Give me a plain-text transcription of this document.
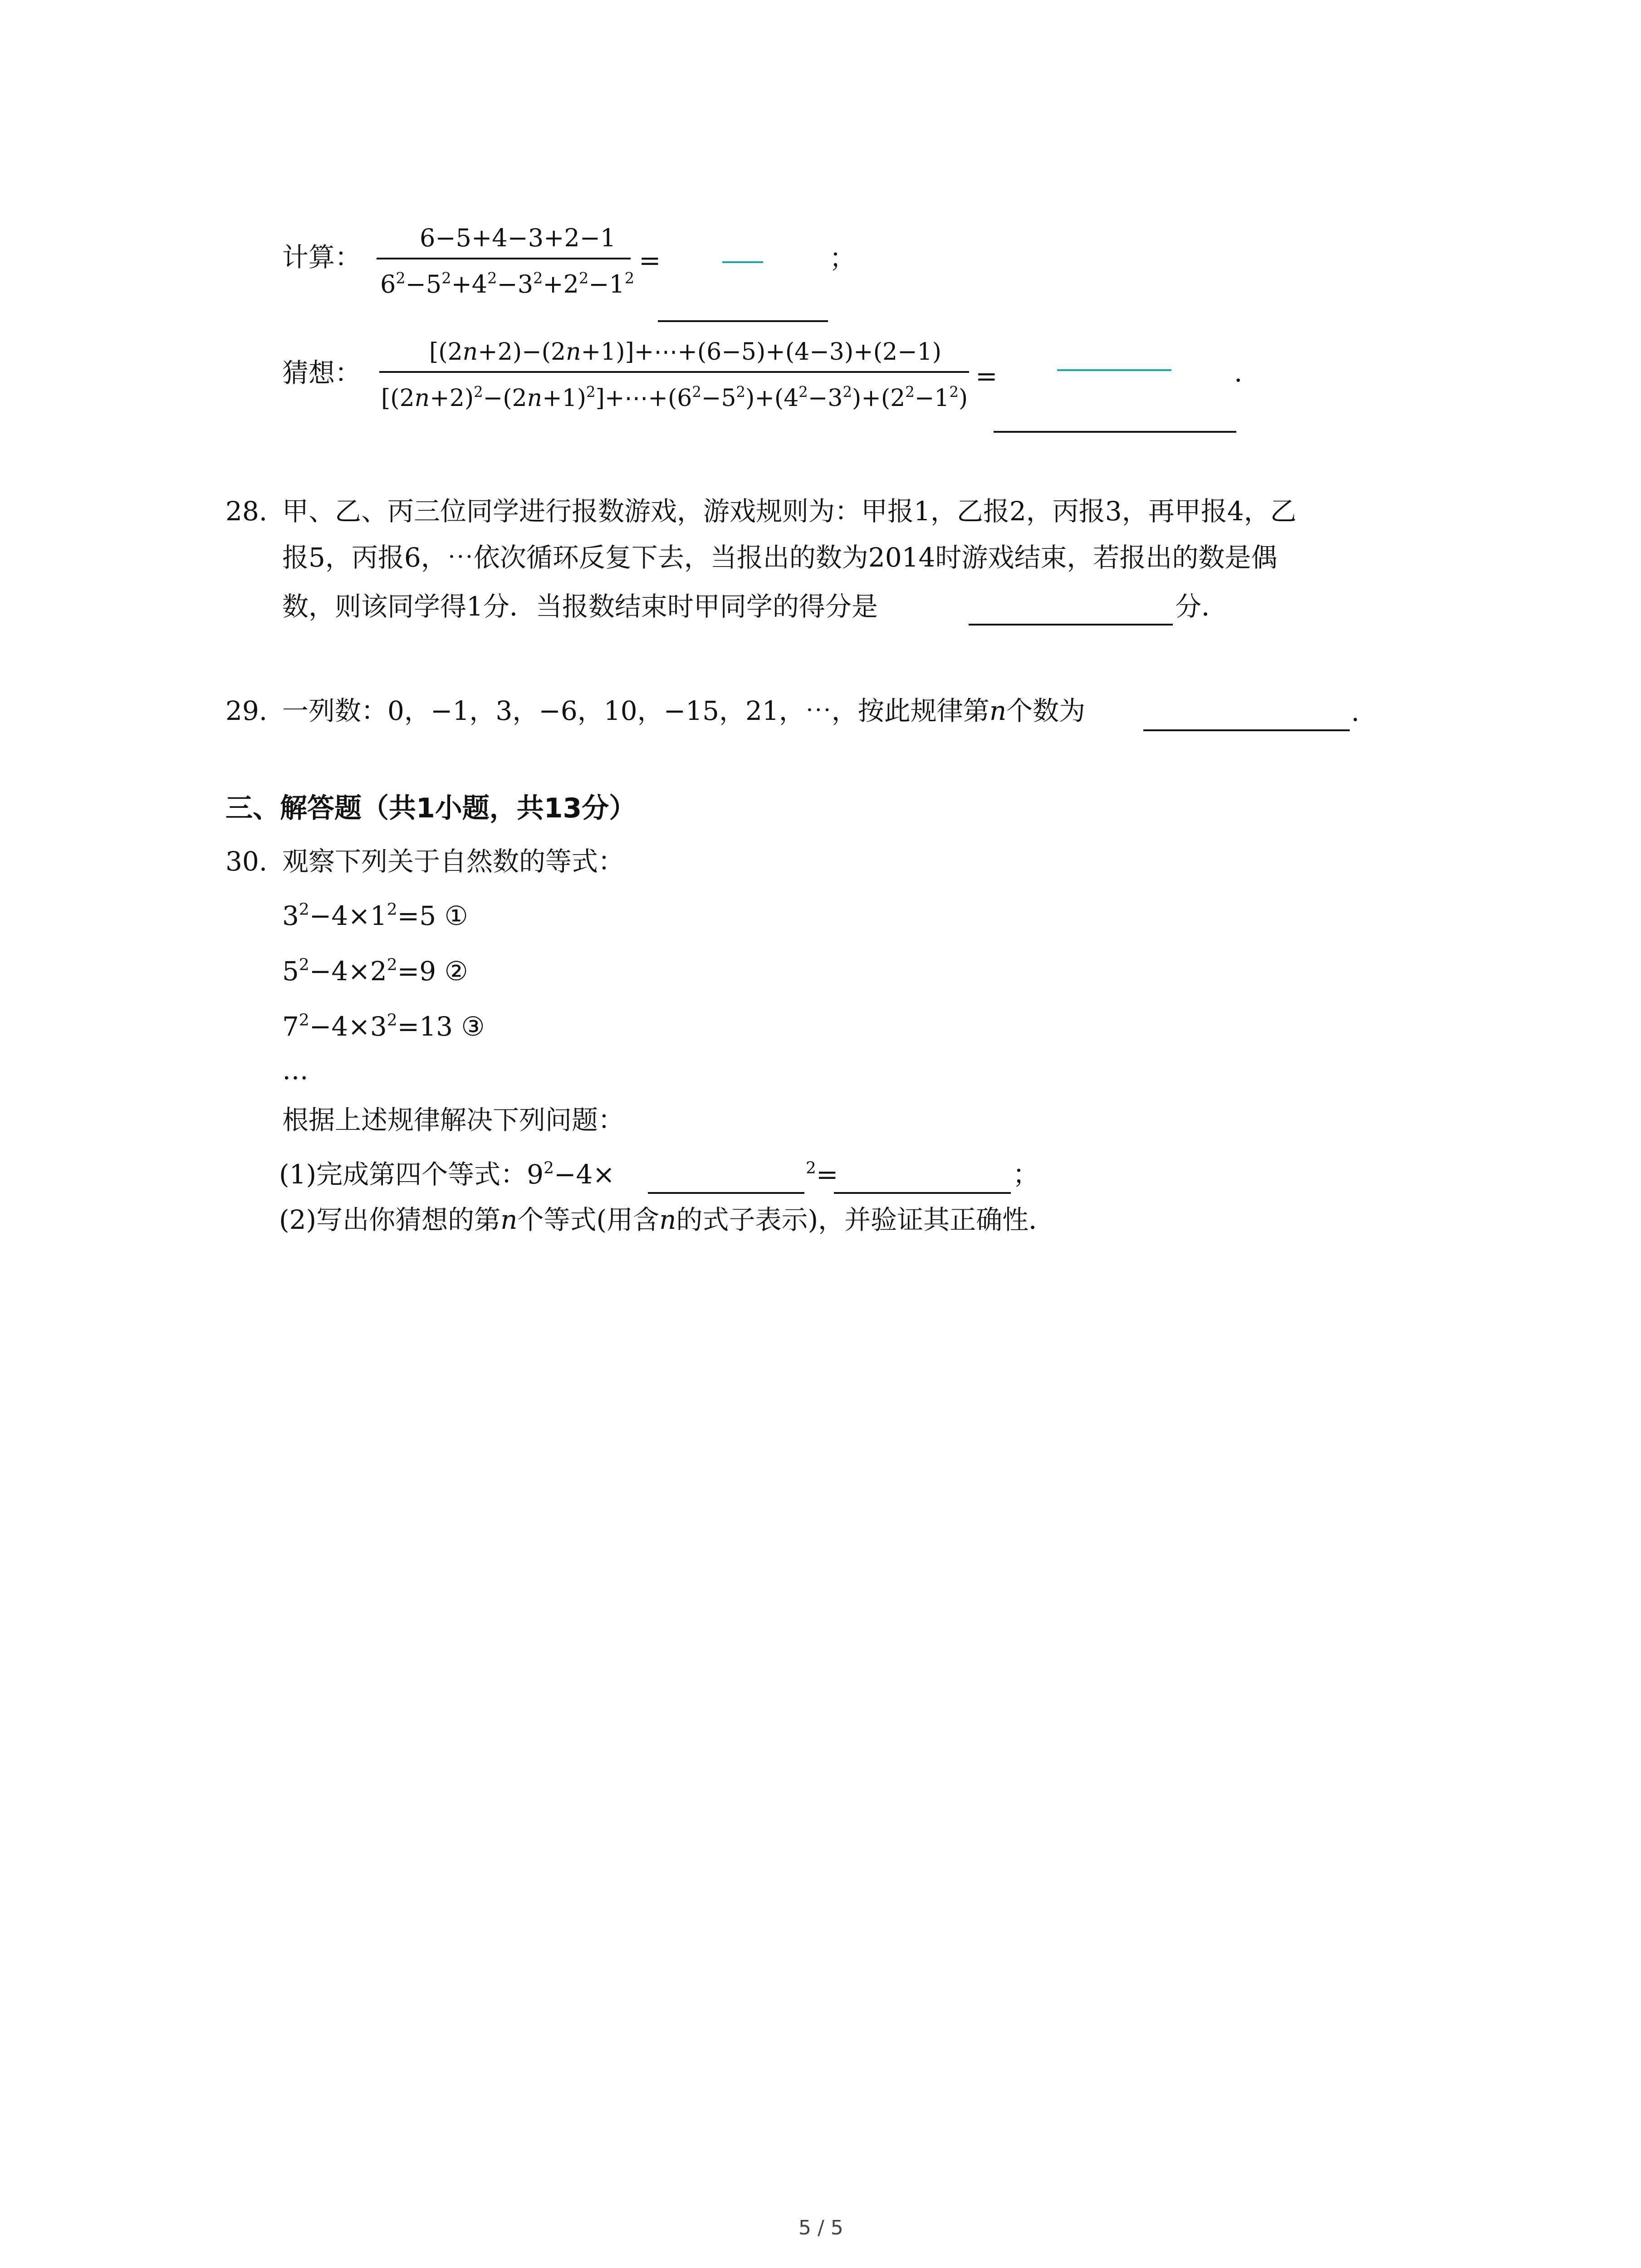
计算：
6−5+4−3+2−1
$6^2-5^2+4^2-3^2+2^2-1^2$
=	；
猜想：
[(2n+2)−(2n+1)]+⋯+(6−5)+(4−3)+(2−1)
$[(2n+2)^2-(2n+1)^2]+\cdots+(6^2-5^2)+(4^2-3^2)+(2^2-1^2)$
=	.
28. 甲、乙、丙三位同学进行报数游戏，游戏规则为：甲报1，乙报2，丙报3，再甲报4，乙
报5，丙报6，⋯依次循环反复下去，当报出的数为2014时游戏结束，若报出的数是偶
数，则该同学得1分．当报数结束时甲同学的得分是	分．
29. 一列数：0，−1，3，−6，10，−15，21，⋯，按此规律第n个数为	.
三、解答题（共1小题，共13分）
30. 观察下列关于自然数的等式：
$3^2-4\times 1^2=5$ ①
$5^2-4\times 2^2=9$ ②
$7^2-4\times 3^2=13$ ③
…
根据上述规律解决下列问题：
(1)完成第四个等式：$9^2-4\times$	$^2$=	；
(2)写出你猜想的第n个等式(用含n的式子表示)，并验证其正确性．
5 / 5
